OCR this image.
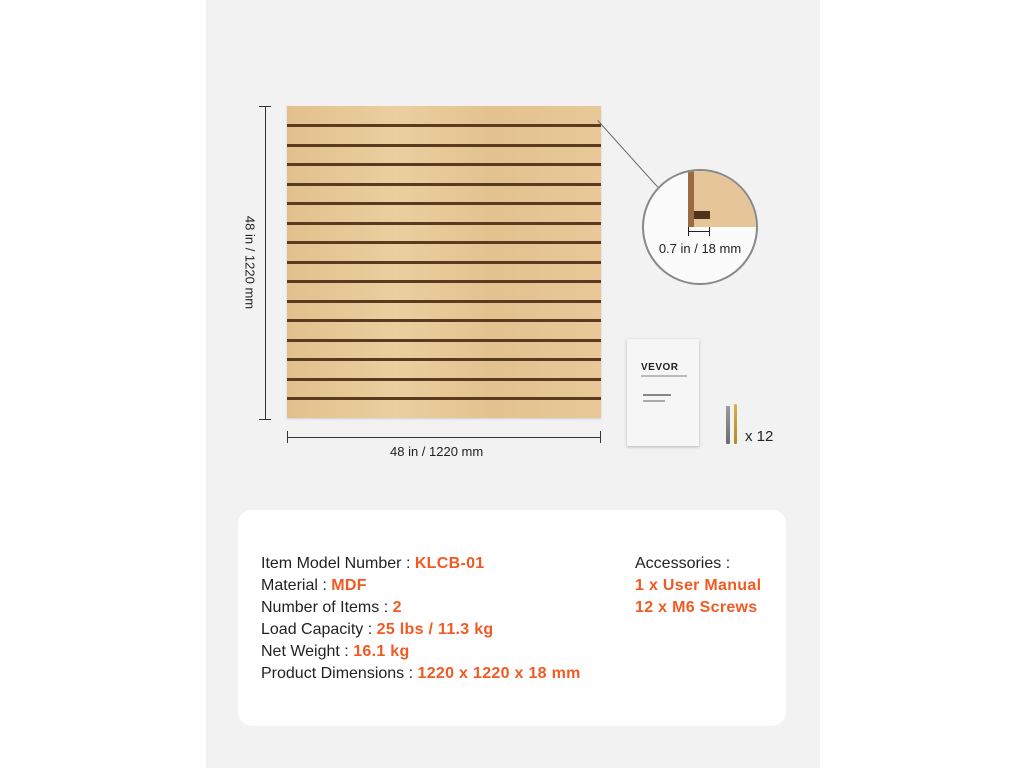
48 in / 1220 mm
48 in / 1220 mm
0.7 in / 18 mm
VEVOR
x 12
Item Model Number : KLCB-01
Material : MDF
Number of Items : 2
Load Capacity : 25 lbs / 11.3 kg
Net Weight : 16.1 kg
Product Dimensions : 1220 x 1220 x 18 mm
Accessories :
1 x User Manual
12 x M6 Screws
